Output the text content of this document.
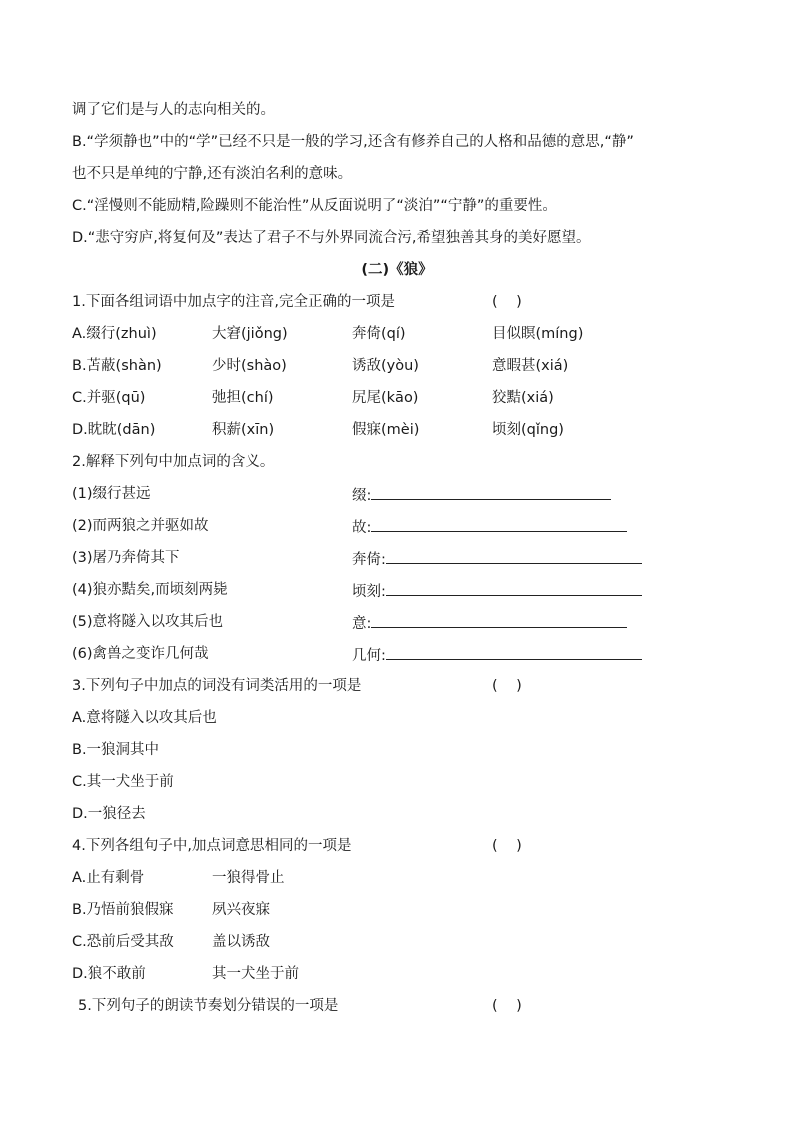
调了它们是与人的志向相关的。
B.“学须静也”中的“学”已经不只是一般的学习,还含有修养自己的人格和品德的意思,“静”
也不只是单纯的宁静,还有淡泊名利的意味。
C.“淫慢则不能励精,险躁则不能治性”从反面说明了“淡泊”“宁静”的重要性。
D.“悲守穷庐,将复何及”表达了君子不与外界同流合污,希望独善其身的美好愿望。
(二)《狼》
1.下面各组词语中加点字的注音,完全正确的一项是	(    )
A.缀行(zhuì)	大窘(jiǒng)	奔倚(qí)	目似瞑(míng)
B.苫蔽(shàn)	少时(shào)	诱敌(yòu)	意暇甚(xiá)
C.并驱(qū)	弛担(chí)	尻尾(kāo)	狡黠(xiá)
D.眈眈(dān)	积薪(xīn)	假寐(mèi)	顷刻(qǐng)
2.解释下列句中加点词的含义。
(1)缀行甚远	缀:
(2)而两狼之并驱如故	故:
(3)屠乃奔倚其下	奔倚:
(4)狼亦黠矣,而顷刻两毙	顷刻:
(5)意将隧入以攻其后也	意:
(6)禽兽之变诈几何哉	几何:
3.下列句子中加点的词没有词类活用的一项是	(    )
A.意将隧入以攻其后也
B.一狼洞其中
C.其一犬坐于前
D.一狼径去
4.下列各组句子中,加点词意思相同的一项是	(    )
A.止有剩骨	一狼得骨止
B.乃悟前狼假寐	夙兴夜寐
C.恐前后受其敌	盖以诱敌
D.狼不敢前	其一犬坐于前
5.下列句子的朗读节奏划分错误的一项是	(    )
